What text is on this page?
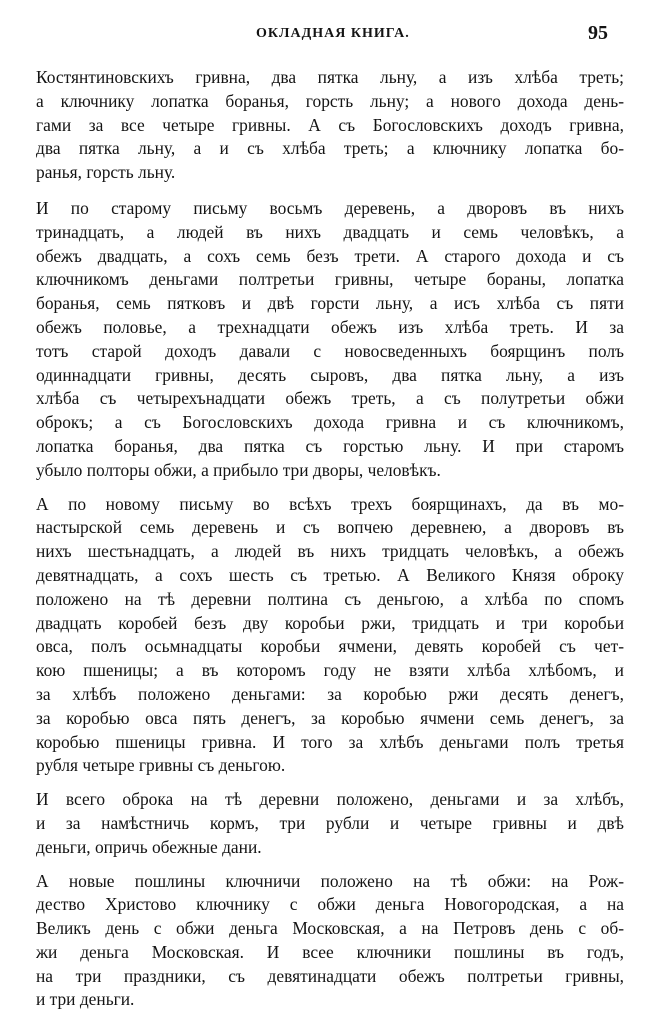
ОКЛАДНАЯ КНИГА.	95

Костянтиновскихъ гривна, два пятка льну, а изъ хлѣба треть;
а ключнику лопатка боранья, горсть льну; а нового дохода день-
гами за все четыре гривны. А съ Богословскихъ доходъ гривна,
два пятка льну, а и съ хлѣба треть; а ключнику лопатка бо-
ранья, горсть льну.

И по старому письму восьмъ деревень, а дворовъ въ нихъ
тринадцать, а людей въ нихъ двадцать и семь человѣкъ, а
обежъ двадцать, а сохъ семь безъ трети. А старого дохода и съ
ключникомъ деньгами полтретьи гривны, четыре бораны, лопатка
боранья, семь пятковъ и двѣ горсти льну, а исъ хлѣба съ пяти
обежъ половье, а трехнадцати обежъ изъ хлѣба треть. И за
тотъ старой доходъ давали с новосведенныхъ боярщинъ полъ
одиннадцати гривны, десять сыровъ, два пятка льну, а изъ
хлѣба съ четырехънадцати обежъ треть, а съ полутретьи обжи
оброкъ; а съ Богословскихъ дохода гривна и съ ключникомъ,
лопатка боранья, два пятка съ горстью льну. И при старомъ
убыло полторы обжи, а прибыло три дворы, человѣкъ.

А по новому письму во всѣхъ трехъ боярщинахъ, да въ мо-
настырской семь деревень и съ вопчею деревнею, а дворовъ въ
нихъ шестьнадцать, а людей въ нихъ тридцать человѣкъ, а обежъ
девятнадцать, а сохъ шесть съ третью. А Великого Князя оброку
положено на тѣ деревни полтина съ деньгою, а хлѣба по спомъ
двадцать коробей безъ дву коробьи ржи, тридцать и три коробьи
овса, полъ осьмнадцаты коробьи ячмени, девять коробей съ чет-
кою пшеницы; а въ которомъ году не взяти хлѣба хлѣбомъ, и
за хлѣбъ положено деньгами: за коробью ржи десять денегъ,
за коробью овса пять денегъ, за коробью ячмени семь денегъ, за
коробью пшеницы гривна. И того за хлѣбъ деньгами полъ третья
рубля четыре гривны съ деньгою.

И всего оброка на тѣ деревни положено, деньгами и за хлѣбъ,
и за намѣстничь кормъ, три рубли и четыре гривны и двѣ
деньги, опричь обежные дани.

А новые пошлины ключничи положено на тѣ обжи: на Рож-
дество Христово ключнику с обжи деньга Новогородская, а на
Великъ день с обжи деньга Московская, а на Петровъ день с об-
жи деньга Московская. И всее ключники пошлины въ годъ,
на три праздники, съ девятинадцати обежъ полтретьи гривны,
и три деньги.
